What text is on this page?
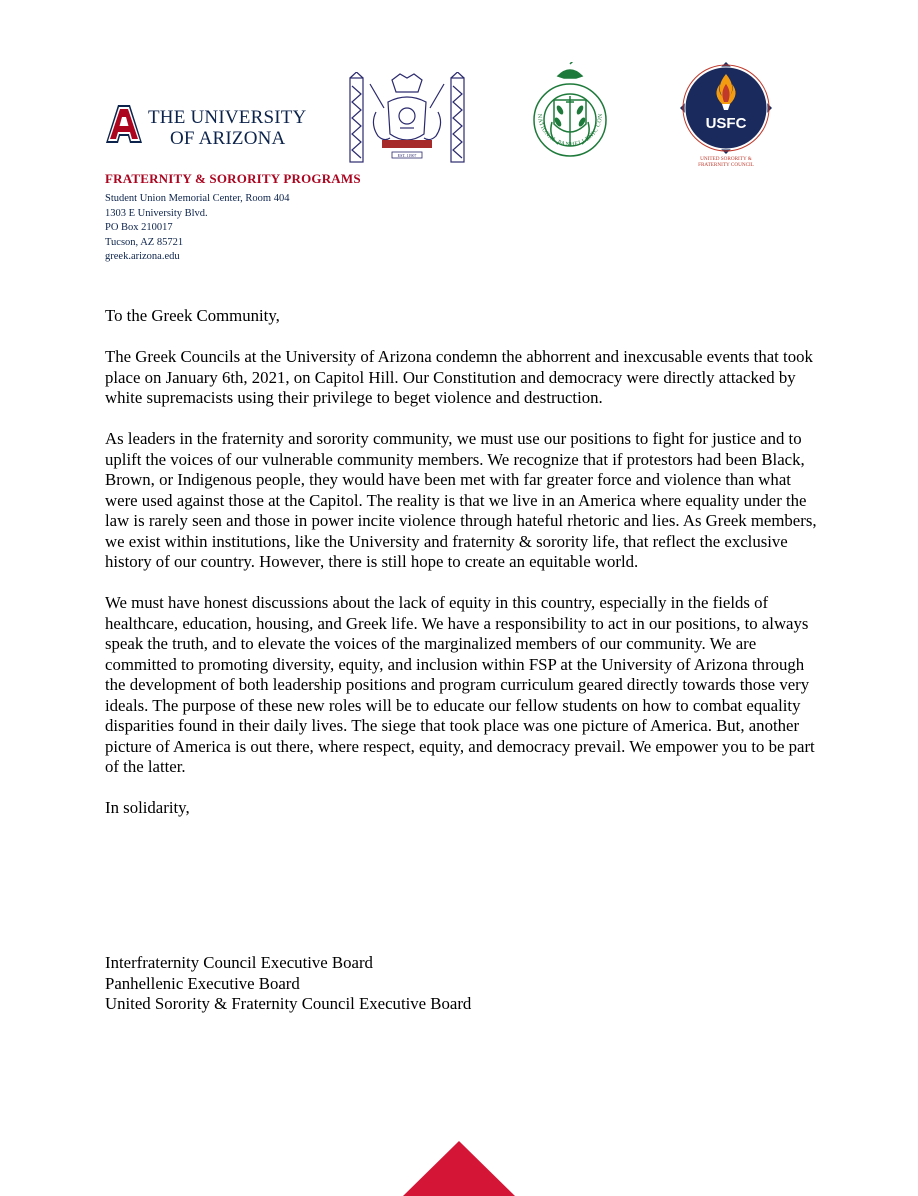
THE UNIVERSITY
OF ARIZONA
EST. 11907
NATIONAL PANHELLENIC CON	USFC
UNITED SORORITY &
FRATERNITY COUNCIL
FRATERNITY & SORORITY PROGRAMS
Student Union Memorial Center, Room 404
1303 E University Blvd.
PO Box 210017
Tucson, AZ 85721
greek.arizona.edu

To the Greek Community,

The Greek Councils at the University of Arizona condemn the abhorrent and inexcusable events that took place on January 6th, 2021, on Capitol Hill. Our Constitution and democracy were directly attacked by white supremacists using their privilege to beget violence and destruction.

As leaders in the fraternity and sorority community, we must use our positions to fight for justice and to uplift the voices of our vulnerable community members. We recognize that if protestors had been Black, Brown, or Indigenous people, they would have been met with far greater force and violence than what were used against those at the Capitol. The reality is that we live in an America where equality under the law is rarely seen and those in power incite violence through hateful rhetoric and lies. As Greek members, we exist within institutions, like the University and fraternity & sorority life, that reflect the exclusive history of our country. However, there is still hope to create an equitable world.

We must have honest discussions about the lack of equity in this country, especially in the fields of healthcare, education, housing, and Greek life. We have a responsibility to act in our positions, to always speak the truth, and to elevate the voices of the marginalized members of our community. We are committed to promoting diversity, equity, and inclusion within FSP at the University of Arizona through the development of both leadership positions and program curriculum geared directly towards those very ideals. The purpose of these new roles will be to educate our fellow students on how to combat equality disparities found in their daily lives. The siege that took place was one picture of America. But, another picture of America is out there, where respect, equity, and democracy prevail. We empower you to be part of the latter.

In solidarity,

Interfraternity Council Executive Board
Panhellenic Executive Board
United Sorority & Fraternity Council Executive Board
